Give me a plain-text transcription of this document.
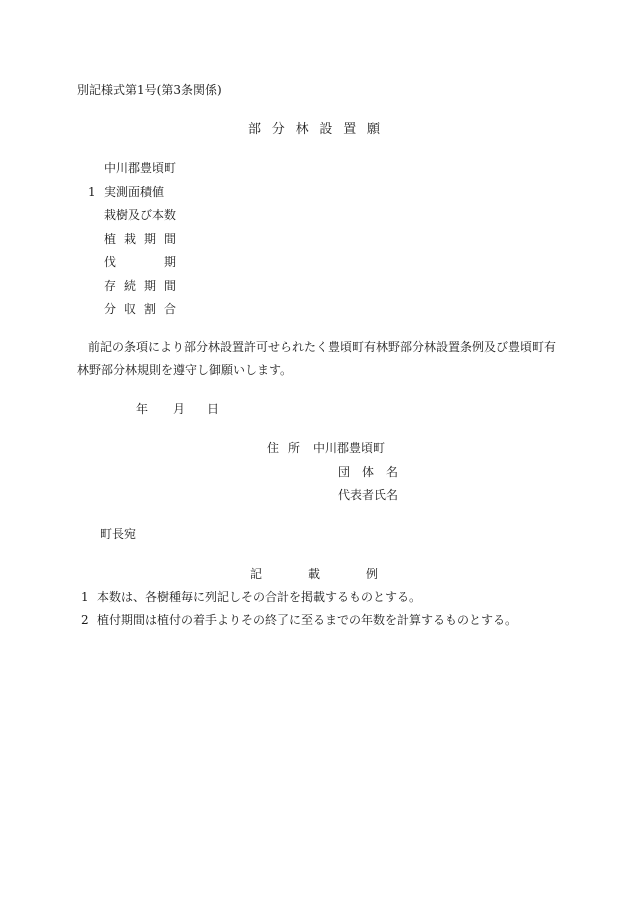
別記様式第1号(第3条関係)
部 分 林 設 置 願
中川郡豊頃町
1 実測面積値
栽樹及び本数
植 栽 期 間
伐	期
存 続 期 間
分 収 割 合
前記の条項により部分林設置許可せられたく豊頃町有林野部分林設置条例及び豊頃町有
林野部分林規則を遵守し御願いします。
年 月 日
住 所 中川郡豊頃町
団 体 名
代表者氏名
町長宛
記	載	例
1 本数は、各樹種毎に列記しその合計を掲載するものとする。
2 植付期間は植付の着手よりその終了に至るまでの年数を計算するものとする。
